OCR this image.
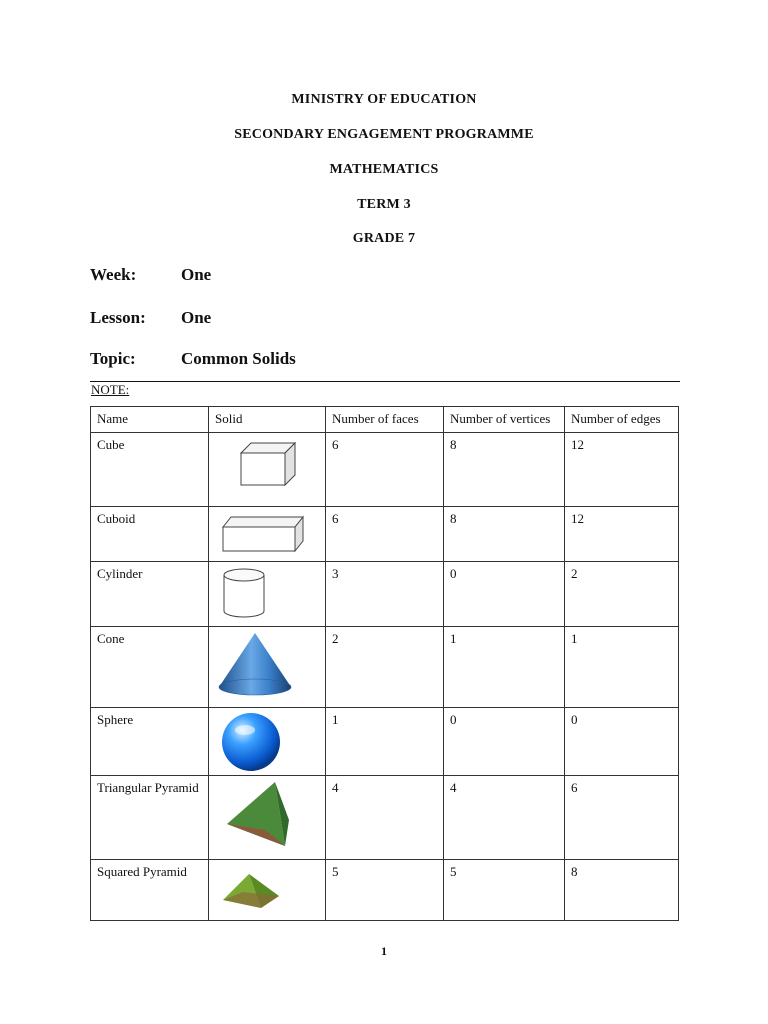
MINISTRY OF EDUCATION
SECONDARY ENGAGEMENT PROGRAMME
MATHEMATICS
TERM 3
GRADE 7
Week:	One
Lesson: One
Topic:	Common Solids
NOTE:
Name	Solid	Number of faces	Number of vertices	Number of edges
Cube		6	8	12
Cuboid		6	8	12
Cylinder		3	0	2
Cone		2	1	1
Sphere		1	0	0
Triangular Pyramid		4	4	6
Squared Pyramid		5	5	8
1
